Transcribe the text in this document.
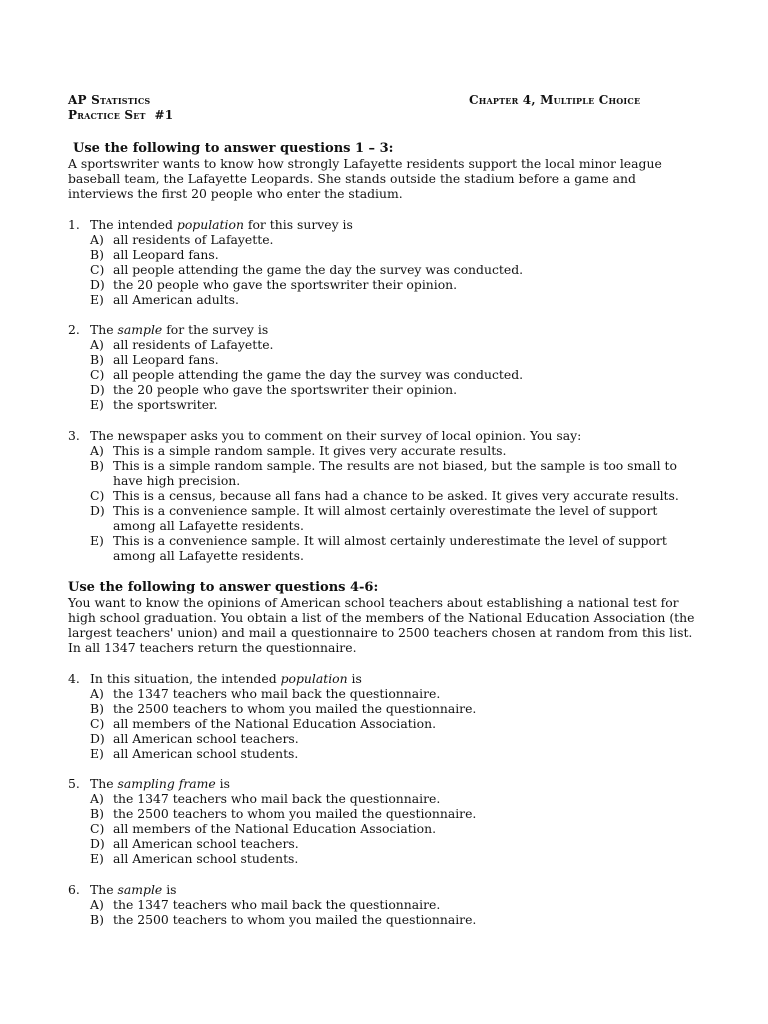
AP Statistics
Practice Set  #1
Chapter 4, Multiple Choice

Use the following to answer questions 1 – 3:

A sportswriter wants to know how strongly Lafayette residents support the local minor league baseball team, the Lafayette Leopards. She stands outside the stadium before a game and interviews the first 20 people who enter the stadium.

1. The intended population for this survey is
A) all residents of Lafayette.
B) all Leopard fans.
C) all people attending the game the day the survey was conducted.
D) the 20 people who gave the sportswriter their opinion.
E) all American adults.
2. The sample for the survey is
A) all residents of Lafayette.
B) all Leopard fans.
C) all people attending the game the day the survey was conducted.
D) the 20 people who gave the sportswriter their opinion.
E) the sportswriter.
3. The newspaper asks you to comment on their survey of local opinion. You say:
A) This is a simple random sample. It gives very accurate results.
B) This is a simple random sample. The results are not biased, but the sample is too small to have high precision.
C) This is a census, because all fans had a chance to be asked. It gives very accurate results.
D) This is a convenience sample. It will almost certainly overestimate the level of support among all Lafayette residents.
E) This is a convenience sample. It will almost certainly underestimate the level of support among all Lafayette residents.

Use the following to answer questions 4-6:

You want to know the opinions of American school teachers about establishing a national test for high school graduation. You obtain a list of the members of the National Education Association (the largest teachers' union) and mail a questionnaire to 2500 teachers chosen at random from this list. In all 1347 teachers return the questionnaire.

4. In this situation, the intended population is
A) the 1347 teachers who mail back the questionnaire.
B) the 2500 teachers to whom you mailed the questionnaire.
C) all members of the National Education Association.
D) all American school teachers.
E) all American school students.
5. The sampling frame is
A) the 1347 teachers who mail back the questionnaire.
B) the 2500 teachers to whom you mailed the questionnaire.
C) all members of the National Education Association.
D) all American school teachers.
E) all American school students.
6. The sample is
A) the 1347 teachers who mail back the questionnaire.
B) the 2500 teachers to whom you mailed the questionnaire.
